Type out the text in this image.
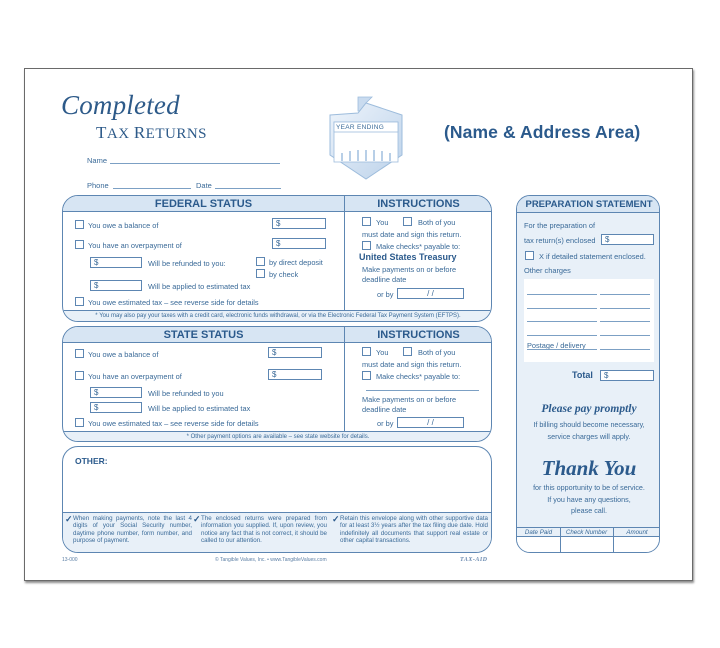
Completed
TAX RETURNS
Name
Phone	Date
YEAR ENDING	(Name & Address Area)
FEDERAL STATUS	INSTRUCTIONS
You owe a balance of	$
You have an overpayment of	$
$	Will be refunded to you:	by direct deposit
by check
$	Will be applied to estimated tax
You owe estimated tax – see reverse side for details
You	Both of you
must date and sign this return.
Make checks* payable to:
United States Treasury
Make payments on or before
deadline date
or by	/ /
* You may also pay your taxes with a credit card, electronic funds withdrawal, or via the Electronic Federal Tax Payment System (EFTPS).
STATE STATUS	INSTRUCTIONS
You owe a balance of	$
You have an overpayment of	$
$	Will be refunded to you
$	Will be applied to estimated tax
You owe estimated tax – see reverse side for details
You	Both of you
must date and sign this return.
Make checks* payable to:
Make payments on or before
deadline date
or by	/ /
* Other payment options are available – see state website for details.
OTHER:
✓ When making payments, note the last 4 digits of your Social Security number, daytime phone number, form number, and purpose of payment.

✓ The enclosed returns were prepared from information you supplied. If, upon review, you notice any fact that is not correct, it should be called to our attention.

✓ Retain this envelope along with other supportive data for at least 3½ years after the tax filing due date. Hold indefinitely all documents that support real estate or other capital transactions.

PREPARATION STATEMENT
For the preparation of
tax return(s) enclosed	$
X if detailed statement enclosed.
Other charges
Postage / delivery
Total	$
Please pay promptly
If billing should become necessary,
service charges will apply.
Thank You
for this opportunity to be of service.
If you have any questions,
please call.
Date Paid	Check Number	Amount
13-000	© Tangible Values, Inc. • www.TangibleValues.com	TAX-AID
